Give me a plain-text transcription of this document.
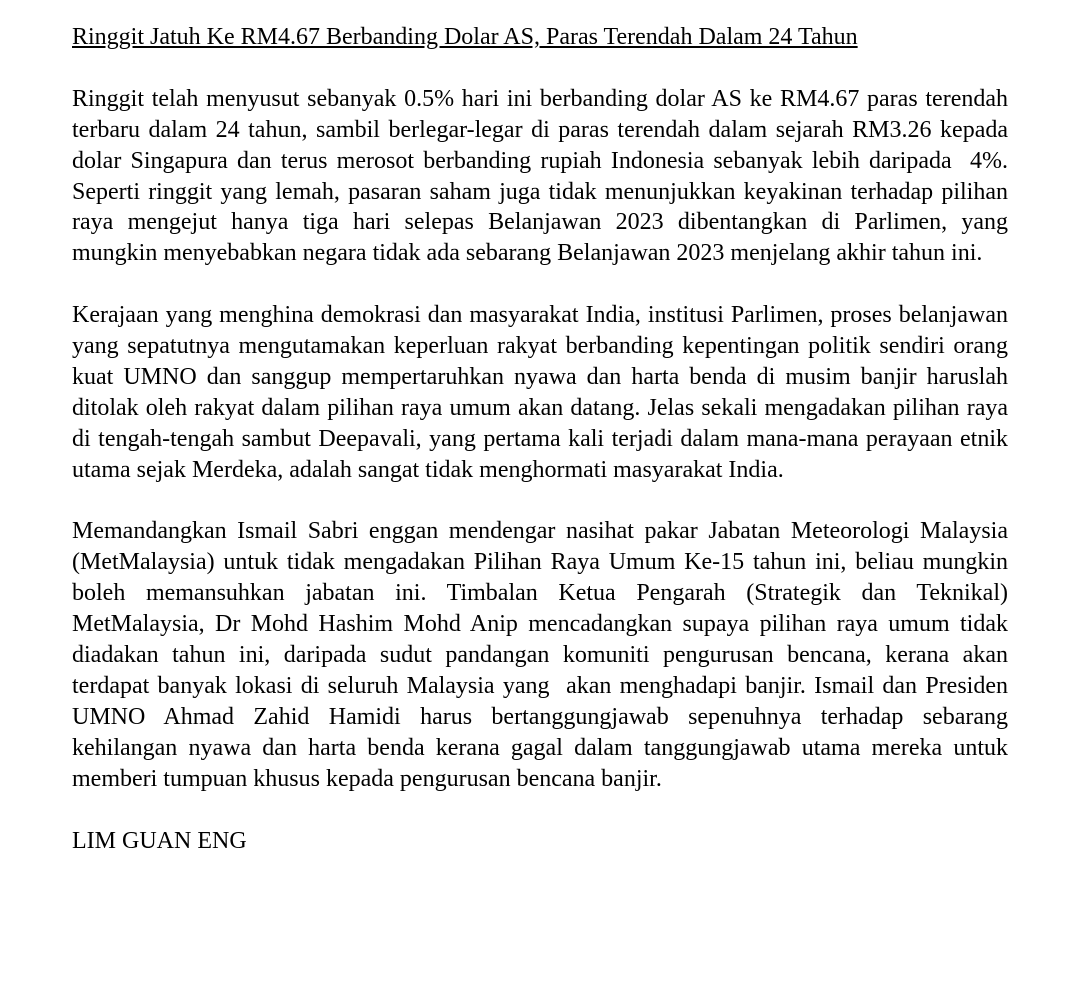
Ringgit Jatuh Ke RM4.67 Berbanding Dolar AS, Paras Terendah Dalam 24 Tahun

Ringgit telah menyusut sebanyak 0.5% hari ini berbanding dolar AS ke RM4.67 paras terendah terbaru dalam 24 tahun, sambil berlegar-legar di paras terendah dalam sejarah RM3.26 kepada dolar Singapura dan terus merosot berbanding rupiah Indonesia sebanyak lebih daripada  4%. Seperti ringgit yang lemah, pasaran saham juga tidak menunjukkan keyakinan terhadap pilihan raya mengejut hanya tiga hari selepas Belanjawan 2023 dibentangkan di Parlimen, yang mungkin menyebabkan negara tidak ada sebarang Belanjawan 2023 menjelang akhir tahun ini.

Kerajaan yang menghina demokrasi dan masyarakat India, institusi Parlimen, proses belanjawan yang sepatutnya mengutamakan keperluan rakyat berbanding kepentingan politik sendiri orang kuat UMNO dan sanggup mempertaruhkan nyawa dan harta benda di musim banjir haruslah ditolak oleh rakyat dalam pilihan raya umum akan datang. Jelas sekali mengadakan pilihan raya di tengah-tengah sambut Deepavali, yang pertama kali terjadi dalam mana-mana perayaan etnik utama sejak Merdeka, adalah sangat tidak menghormati masyarakat India.

Memandangkan Ismail Sabri enggan mendengar nasihat pakar Jabatan Meteorologi Malaysia (MetMalaysia) untuk tidak mengadakan Pilihan Raya Umum Ke-15 tahun ini, beliau mungkin boleh memansuhkan jabatan ini. Timbalan Ketua Pengarah (Strategik dan Teknikal) MetMalaysia, Dr Mohd Hashim Mohd Anip mencadangkan supaya pilihan raya umum tidak diadakan tahun ini, daripada sudut pandangan komuniti pengurusan bencana, kerana akan terdapat banyak lokasi di seluruh Malaysia yang  akan menghadapi banjir. Ismail dan Presiden UMNO Ahmad Zahid Hamidi harus bertanggungjawab sepenuhnya terhadap sebarang kehilangan nyawa dan harta benda kerana gagal dalam tanggungjawab utama mereka untuk memberi tumpuan khusus kepada pengurusan bencana banjir.

LIM GUAN ENG
